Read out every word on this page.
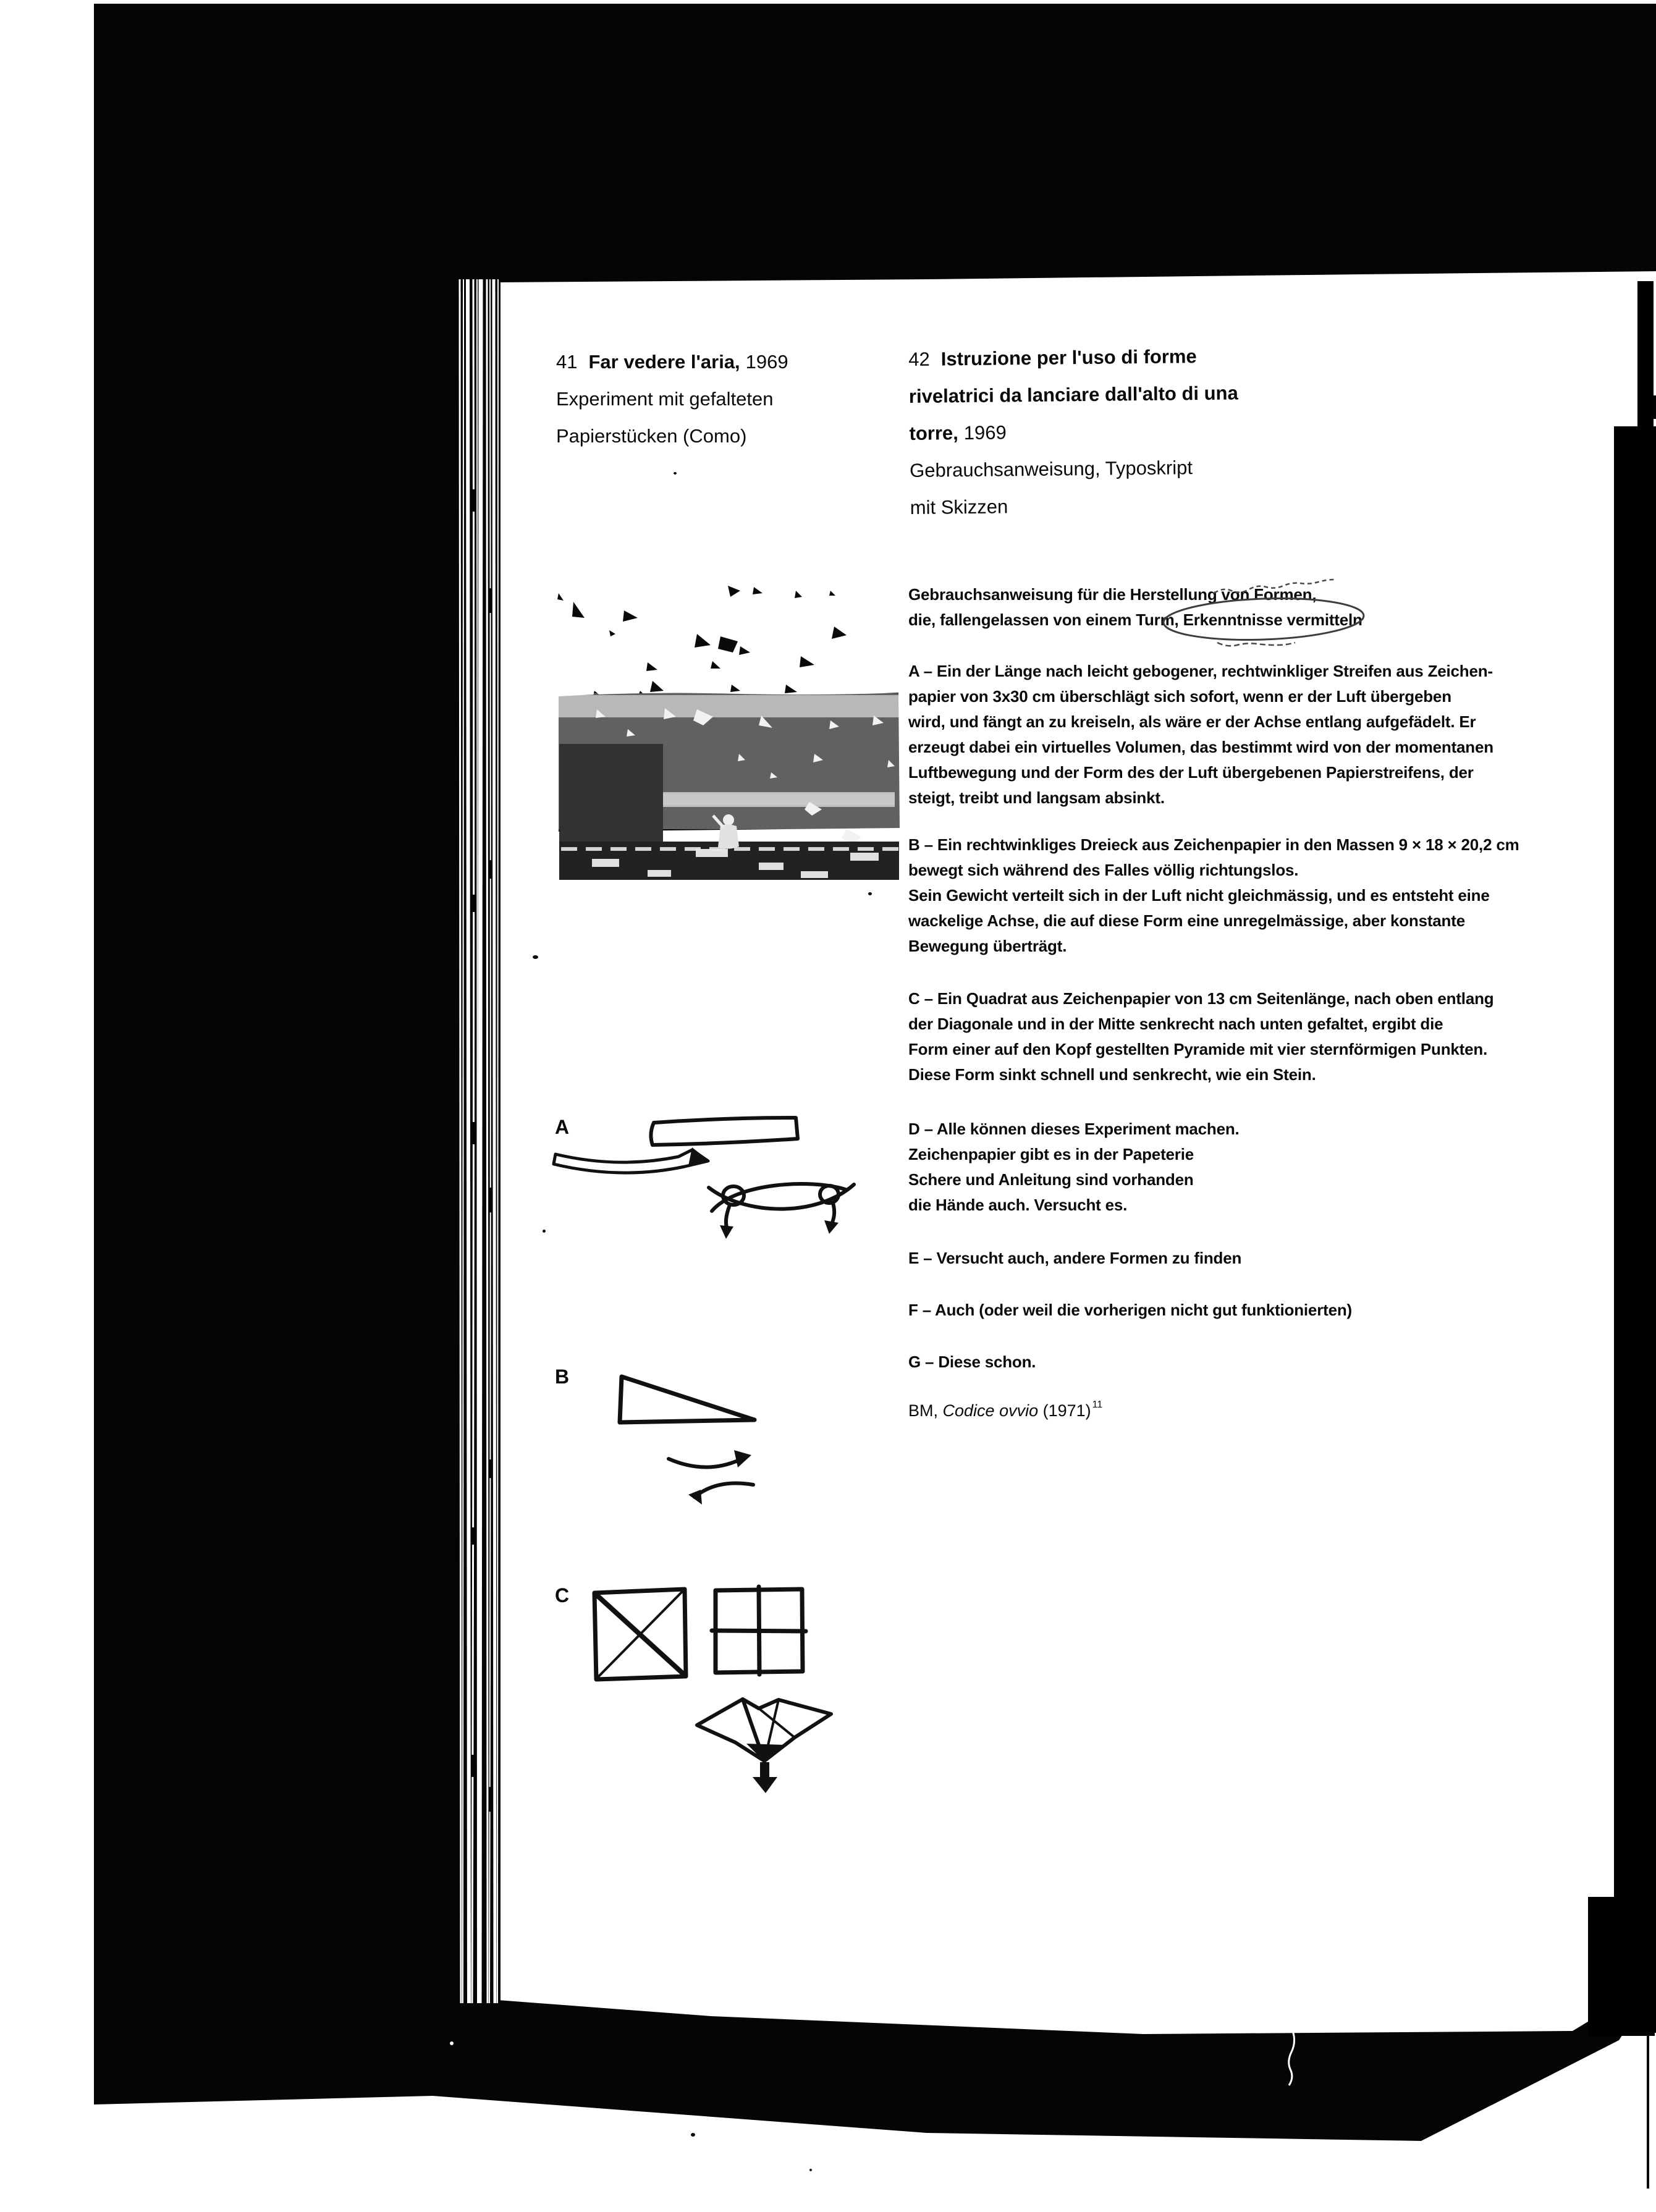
41 Far vedere l'aria, 1969
Experiment mit gefalteten
Papierstücken (Como)
42 Istruzione per l'uso di forme
rivelatrici da lanciare dall'alto di una
torre, 1969
Gebrauchsanweisung, Typoskript
mit Skizzen
Gebrauchsanweisung für die Herstellung von Formen,
die, fallengelassen von einem Turm, Erkenntnisse vermitteln
A – Ein der Länge nach leicht gebogener, rechtwinkliger Streifen aus Zeichen-
papier von 3x30 cm überschlägt sich sofort, wenn er der Luft übergeben
wird, und fängt an zu kreiseln, als wäre er der Achse entlang aufgefädelt. Er
erzeugt dabei ein virtuelles Volumen, das bestimmt wird von der momentanen
Luftbewegung und der Form des der Luft übergebenen Papierstreifens, der
steigt, treibt und langsam absinkt.
B – Ein rechtwinkliges Dreieck aus Zeichenpapier in den Massen 9 × 18 × 20,2 cm
bewegt sich während des Falles völlig richtungslos.
Sein Gewicht verteilt sich in der Luft nicht gleichmässig, und es entsteht eine
wackelige Achse, die auf diese Form eine unregelmässige, aber konstante
Bewegung überträgt.
C – Ein Quadrat aus Zeichenpapier von 13 cm Seitenlänge, nach oben entlang
der Diagonale und in der Mitte senkrecht nach unten gefaltet, ergibt die
Form einer auf den Kopf gestellten Pyramide mit vier sternförmigen Punkten.
Diese Form sinkt schnell und senkrecht, wie ein Stein.
D – Alle können dieses Experiment machen.
Zeichenpapier gibt es in der Papeterie
Schere und Anleitung sind vorhanden
die Hände auch. Versucht es.
E – Versucht auch, andere Formen zu finden
F – Auch (oder weil die vorherigen nicht gut funktionierten)
G – Diese schon.
BM, Codice ovvio (1971) $^{11}$
A
B
C
